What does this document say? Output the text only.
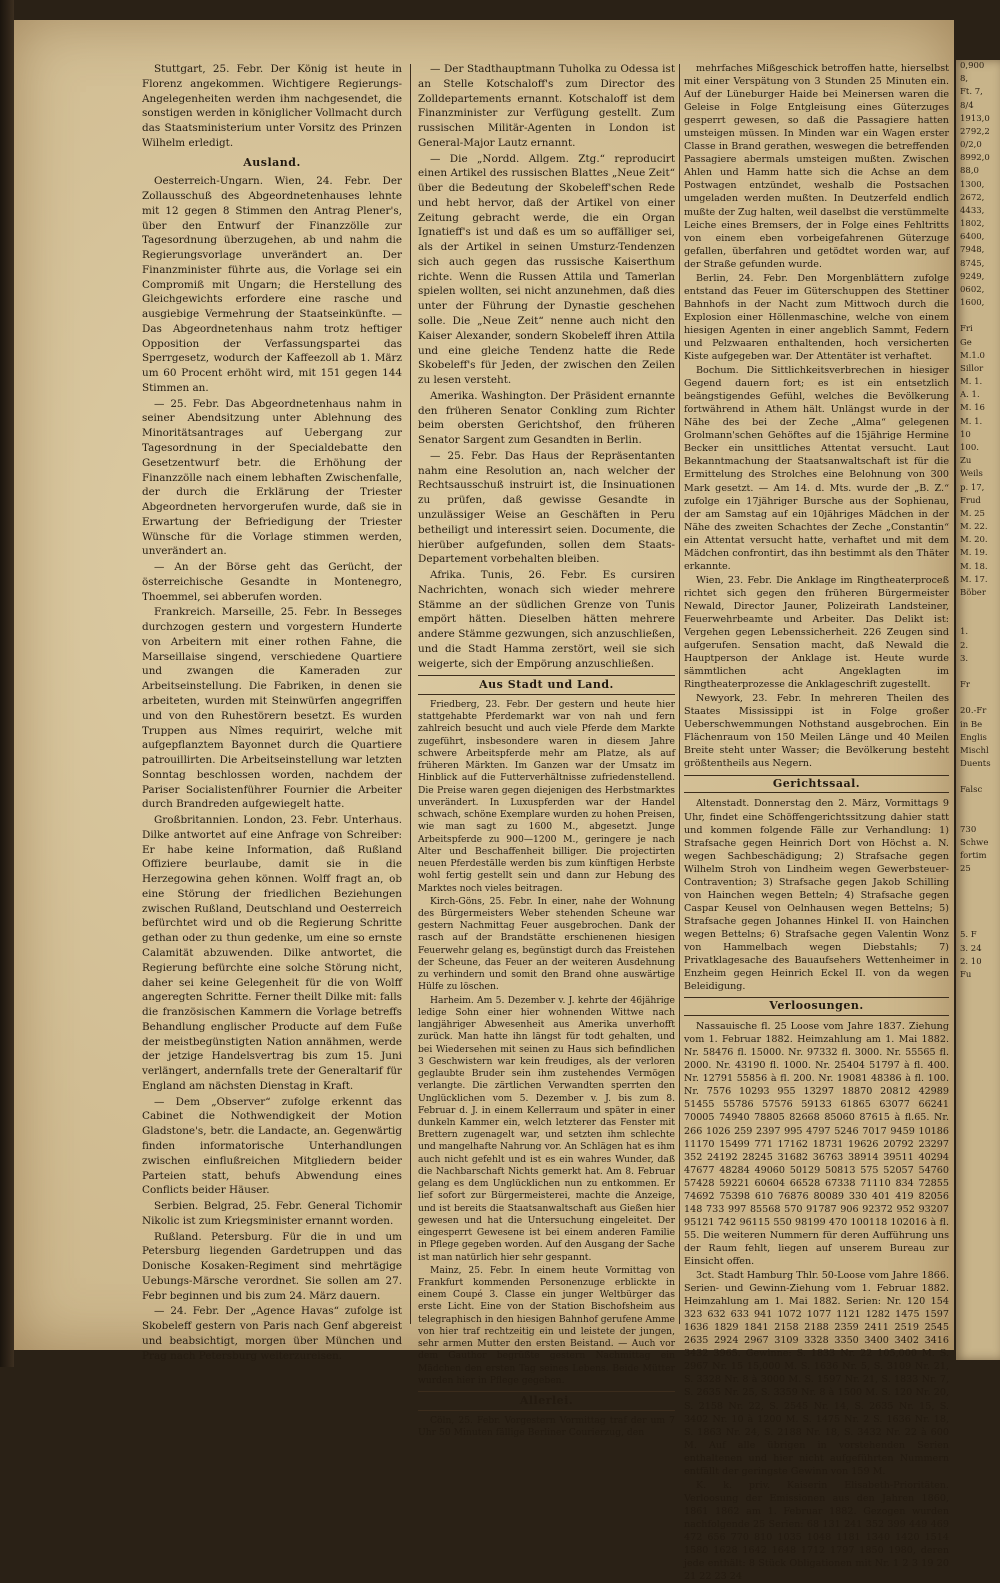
Stuttgart, 25. Febr. Der König ist heute in Florenz angekommen. Wichtigere Regierungs-Angelegenheiten werden ihm nachgesendet, die sonstigen werden in königlicher Vollmacht durch das Staatsministerium unter Vorsitz des Prinzen Wilhelm erledigt.

Ausland.

Oesterreich-Ungarn. Wien, 24. Febr. Der Zollausschuß des Abgeordnetenhauses lehnte mit 12 gegen 8 Stimmen den Antrag Plener's, über den Entwurf der Finanzzölle zur Tagesordnung überzugehen, ab und nahm die Regierungsvorlage unverändert an. Der Finanzminister führte aus, die Vorlage sei ein Compromiß mit Ungarn; die Herstellung des Gleichgewichts erfordere eine rasche und ausgiebige Vermehrung der Staatseinkünfte. — Das Abgeordnetenhaus nahm trotz heftiger Opposition der Verfassungspartei das Sperrgesetz, wodurch der Kaffeezoll ab 1. März um 60 Procent erhöht wird, mit 151 gegen 144 Stimmen an.

— 25. Febr. Das Abgeordnetenhaus nahm in seiner Abendsitzung unter Ablehnung des Minoritätsantrages auf Uebergang zur Tagesordnung in der Specialdebatte den Gesetzentwurf betr. die Erhöhung der Finanzzölle nach einem lebhaften Zwischenfalle, der durch die Erklärung der Triester Abgeordneten hervorgerufen wurde, daß sie in Erwartung der Befriedigung der Triester Wünsche für die Vorlage stimmen werden, unverändert an.

— An der Börse geht das Gerücht, der österreichische Gesandte in Montenegro, Thoemmel, sei abberufen worden.

Frankreich. Marseille, 25. Febr. In Besseges durchzogen gestern und vorgestern Hunderte von Arbeitern mit einer rothen Fahne, die Marseillaise singend, verschiedene Quartiere und zwangen die Kameraden zur Arbeitseinstellung. Die Fabriken, in denen sie arbeiteten, wurden mit Steinwürfen angegriffen und von den Ruhestörern besetzt. Es wurden Truppen aus Nîmes requirirt, welche mit aufgepflanztem Bayonnet durch die Quartiere patrouillirten. Die Arbeitseinstellung war letzten Sonntag beschlossen worden, nachdem der Pariser Socialistenführer Fournier die Arbeiter durch Brandreden aufgewiegelt hatte.

Großbritannien. London, 23. Febr. Unterhaus. Dilke antwortet auf eine Anfrage von Schreiber: Er habe keine Information, daß Rußland Offiziere beurlaube, damit sie in die Herzegowina gehen können. Wolff fragt an, ob eine Störung der friedlichen Beziehungen zwischen Rußland, Deutschland und Oesterreich befürchtet wird und ob die Regierung Schritte gethan oder zu thun gedenke, um eine so ernste Calamität abzuwenden. Dilke antwortet, die Regierung befürchte eine solche Störung nicht, daher sei keine Gelegenheit für die von Wolff angeregten Schritte. Ferner theilt Dilke mit: falls die französischen Kammern die Vorlage betreffs Behandlung englischer Producte auf dem Fuße der meistbegünstigten Nation annähmen, werde der jetzige Handelsvertrag bis zum 15. Juni verlängert, andernfalls trete der Generaltarif für England am nächsten Dienstag in Kraft.

— Dem „Observer“ zufolge erkennt das Cabinet die Nothwendigkeit der Motion Gladstone's, betr. die Landacte, an. Gegenwärtig finden informatorische Unterhandlungen zwischen einflußreichen Mitgliedern beider Parteien statt, behufs Abwendung eines Conflicts beider Häuser.

Serbien. Belgrad, 25. Febr. General Tichomir Nikolic ist zum Kriegsminister ernannt worden.

Rußland. Petersburg. Für die in und um Petersburg liegenden Gardetruppen und das Donische Kosaken-Regiment sind mehrtägige Uebungs-Märsche verordnet. Sie sollen am 27. Febr beginnen und bis zum 24. März dauern.

— 24. Febr. Der „Agence Havas“ zufolge ist Skobeleff gestern von Paris nach Genf abgereist und beabsichtigt, morgen über München und Prag nach Petersburg weiterzureisen.

— Der Stadthauptmann Tuholka zu Odessa ist an Stelle Kotschaloff's zum Director des Zolldepartements ernannt. Kotschaloff ist dem Finanzminister zur Verfügung gestellt. Zum russischen Militär-Agenten in London ist General-Major Lautz ernannt.

— Die „Nordd. Allgem. Ztg.“ reproducirt einen Artikel des russischen Blattes „Neue Zeit“ über die Bedeutung der Skobeleff'schen Rede und hebt hervor, daß der Artikel von einer Zeitung gebracht werde, die ein Organ Ignatieff's ist und daß es um so auffälliger sei, als der Artikel in seinen Umsturz-Tendenzen sich auch gegen das russische Kaiserthum richte. Wenn die Russen Attila und Tamerlan spielen wollten, sei nicht anzunehmen, daß dies unter der Führung der Dynastie geschehen solle. Die „Neue Zeit“ nenne auch nicht den Kaiser Alexander, sondern Skobeleff ihren Attila und eine gleiche Tendenz hatte die Rede Skobeleff's für Jeden, der zwischen den Zeilen zu lesen versteht.

Amerika. Washington. Der Präsident ernannte den früheren Senator Conkling zum Richter beim obersten Gerichtshof, den früheren Senator Sargent zum Gesandten in Berlin.

— 25. Febr. Das Haus der Repräsentanten nahm eine Resolution an, nach welcher der Rechtsausschuß instruirt ist, die Insinuationen zu prüfen, daß gewisse Gesandte in unzulässiger Weise an Geschäften in Peru betheiligt und interessirt seien. Documente, die hierüber aufgefunden, sollen dem Staats-Departement vorbehalten bleiben.

Afrika. Tunis, 26. Febr. Es cursiren Nachrichten, wonach sich wieder mehrere Stämme an der südlichen Grenze von Tunis empört hätten. Dieselben hätten mehrere andere Stämme gezwungen, sich anzuschließen, und die Stadt Hamma zerstört, weil sie sich weigerte, sich der Empörung anzuschließen.

Aus Stadt und Land.

Friedberg, 23. Febr. Der gestern und heute hier stattgehabte Pferdemarkt war von nah und fern zahlreich besucht und auch viele Pferde dem Markte zugeführt, insbesondere waren in diesem Jahre schwere Arbeitspferde mehr am Platze, als auf früheren Märkten. Im Ganzen war der Umsatz im Hinblick auf die Futterverhältnisse zufriedenstellend. Die Preise waren gegen diejenigen des Herbstmarktes unverändert. In Luxuspferden war der Handel schwach, schöne Exemplare wurden zu hohen Preisen, wie man sagt zu 1600 M., abgesetzt. Junge Arbeitspferde zu 900—1200 M., geringere je nach Alter und Beschaffenheit billiger. Die projectirten neuen Pferdeställe werden bis zum künftigen Herbste wohl fertig gestellt sein und dann zur Hebung des Marktes noch vieles beitragen.

Kirch-Göns, 25. Febr. In einer, nahe der Wohnung des Bürgermeisters Weber stehenden Scheune war gestern Nachmittag Feuer ausgebrochen. Dank der rasch auf der Brandstätte erschienenen hiesigen Feuerwehr gelang es, begünstigt durch das Freistehen der Scheune, das Feuer an der weiteren Ausdehnung zu verhindern und somit den Brand ohne auswärtige Hülfe zu löschen.

Harheim. Am 5. Dezember v. J. kehrte der 46jährige ledige Sohn einer hier wohnenden Wittwe nach langjähriger Abwesenheit aus Amerika unverhofft zurück. Man hatte ihn längst für todt gehalten, und bei Wiedersehen mit seinen zu Haus sich befindlichen 3 Geschwistern war kein freudiges, als der verloren geglaubte Bruder sein ihm zustehendes Vermögen verlangte. Die zärtlichen Verwandten sperrten den Unglücklichen vom 5. Dezember v. J. bis zum 8. Februar d. J. in einem Kellerraum und später in einer dunkeln Kammer ein, welch letzterer das Fenster mit Brettern zugenagelt war, und setzten ihm schlechte und mangelhafte Nahrung vor. An Schlägen hat es ihm auch nicht gefehlt und ist es ein wahres Wunder, daß die Nachbarschaft Nichts gemerkt hat. Am 8. Februar gelang es dem Unglücklichen nun zu entkommen. Er lief sofort zur Bürgermeisterei, machte die Anzeige, und ist bereits die Staatsanwaltschaft aus Gießen hier gewesen und hat die Untersuchung eingeleitet. Der eingesperrt Gewesene ist bei einem anderen Familie in Pflege gegeben worden. Auf den Ausgang der Sache ist man natürlich hier sehr gespannt.

Mainz, 25. Febr. In einem heute Vormittag von Frankfurt kommenden Personenzuge erblickte in einem Coupé 3. Classe ein junger Weltbürger das erste Licht. Eine von der Station Bischofsheim aus telegraphisch in den hiesigen Bahnhof gerufene Amme von hier traf rechtzeitig ein und leistete der jungen, sehr armen Mutter den ersten Beistand. — Auch vor dem Gauthor begrüßte gestern Nachmittag ein Mädchen den ersten Tag seines Lebens. Beide Mütter wurden hier in Pflege gegeben.

Allerlei.

Cöln, 25. Febr. Vorgestern Vormittag traf der um 7 Uhr 50 Minuten fällige Berliner Courierzug, den

mehrfaches Mißgeschick betroffen hatte, hierselbst mit einer Verspätung von 3 Stunden 25 Minuten ein. Auf der Lüneburger Haide bei Meinersen waren die Geleise in Folge Entgleisung eines Güterzuges gesperrt gewesen, so daß die Passagiere hatten umsteigen müssen. In Minden war ein Wagen erster Classe in Brand gerathen, weswegen die betreffenden Passagiere abermals umsteigen mußten. Zwischen Ahlen und Hamm hatte sich die Achse an dem Postwagen entzündet, weshalb die Postsachen umgeladen werden mußten. In Deutzerfeld endlich mußte der Zug halten, weil daselbst die verstümmelte Leiche eines Bremsers, der in Folge eines Fehltritts von einem eben vorbeigefahrenen Güterzuge gefallen, überfahren und getödtet worden war, auf der Straße gefunden wurde.

Berlin, 24. Febr. Den Morgenblättern zufolge entstand das Feuer im Güterschuppen des Stettiner Bahnhofs in der Nacht zum Mittwoch durch die Explosion einer Höllenmaschine, welche von einem hiesigen Agenten in einer angeblich Sammt, Federn und Pelzwaaren enthaltenden, hoch versicherten Kiste aufgegeben war. Der Attentäter ist verhaftet.

Bochum. Die Sittlichkeitsverbrechen in hiesiger Gegend dauern fort; es ist ein entsetzlich beängstigendes Gefühl, welches die Bevölkerung fortwährend in Athem hält. Unlängst wurde in der Nähe des bei der Zeche „Alma“ gelegenen Grolmann'schen Gehöftes auf die 15jährige Hermine Becker ein unsittliches Attentat versucht. Laut Bekanntmachung der Staatsanwaltschaft ist für die Ermittelung des Strolches eine Belohnung von 300 Mark gesetzt. — Am 14. d. Mts. wurde der „B. Z.“ zufolge ein 17jähriger Bursche aus der Sophienau, der am Samstag auf ein 10jähriges Mädchen in der Nähe des zweiten Schachtes der Zeche „Constantin“ ein Attentat versucht hatte, verhaftet und mit dem Mädchen confrontirt, das ihn bestimmt als den Thäter erkannte.

Wien, 23. Febr. Die Anklage im Ringtheaterproceß richtet sich gegen den früheren Bürgermeister Newald, Director Jauner, Polizeirath Landsteiner, Feuerwehrbeamte und Arbeiter. Das Delikt ist: Vergehen gegen Lebenssicherheit. 226 Zeugen sind aufgerufen. Sensation macht, daß Newald die Hauptperson der Anklage ist. Heute wurde sämmtlichen acht Angeklagten im Ringtheaterprozesse die Anklageschrift zugestellt.

Newyork, 23. Febr. In mehreren Theilen des Staates Mississippi ist in Folge großer Ueberschwemmungen Nothstand ausgebrochen. Ein Flächenraum von 150 Meilen Länge und 40 Meilen Breite steht unter Wasser; die Bevölkerung besteht größtentheils aus Negern.

Gerichtssaal.

Altenstadt. Donnerstag den 2. März, Vormittags 9 Uhr, findet eine Schöffengerichtssitzung dahier statt und kommen folgende Fälle zur Verhandlung: 1) Strafsache gegen Heinrich Dort von Höchst a. N. wegen Sachbeschädigung; 2) Strafsache gegen Wilhelm Stroh von Lindheim wegen Gewerbsteuer-Contravention; 3) Strafsache gegen Jakob Schilling von Hainchen wegen Betteln; 4) Strafsache gegen Caspar Keusel von Oelnhausen wegen Bettelns; 5) Strafsache gegen Johannes Hinkel II. von Hainchen wegen Bettelns; 6) Strafsache gegen Valentin Wonz von Hammelbach wegen Diebstahls; 7) Privatklagesache des Bauaufsehers Wettenheimer in Enzheim gegen Heinrich Eckel II. von da wegen Beleidigung.

Verloosungen.

Nassauische fl. 25 Loose vom Jahre 1837. Ziehung vom 1. Februar 1882. Heimzahlung am 1. Mai 1882. Nr. 58476 fl. 15000. Nr. 97332 fl. 3000. Nr. 55565 fl. 2000. Nr. 43190 fl. 1000. Nr. 25404 51797 à fl. 400. Nr. 12791 55856 à fl. 200. Nr. 19081 48386 à fl. 100. Nr. 7576 10293 955 13297 18870 20812 42989 51455 55786 57576 59133 61865 63077 66241 70005 74940 78805 82668 85060 87615 à fl.65. Nr. 266 1026 259 2397 995 4797 5246 7017 9459 10186 11170 15499 771 17162 18731 19626 20792 23297 352 24192 28245 31682 36763 38914 39511 40294 47677 48284 49060 50129 50813 575 52057 54760 57428 59221 60604 66528 67338 71110 834 72855 74692 75398 610 76876 80089 330 401 419 82056 148 733 997 85568 570 91787 906 92372 952 93207 95121 742 96115 550 98199 470 100118 102016 à fl. 55. Die weiteren Nummern für deren Aufführung uns der Raum fehlt, liegen auf unserem Bureau zur Einsicht offen.

3ct. Stadt Hamburg Thlr. 50-Loose vom Jahre 1866. Serien- und Gewinn-Ziehung vom 1. Februar 1882. Heimzahlung am 1. Mai 1882. Serien: Nr. 120 154 323 632 633 941 1072 1077 1121 1282 1475 1597 1636 1829 1841 2158 2188 2359 2411 2519 2545 2635 2924 2967 3109 3328 3350 3400 3402 3416 3432 3965. Gewinne: S. 1833 Nr. 22 105,000 M. S. 2967 Nr. 15 15,000 M. S. 1636 Nr. 5, S. 3109 Nr. 21, S. 3328 Nr. 8 à 3000 M. S. 1597 Nr. 21, S. 1833 Nr. 7, S. 2635 Nr. 25, S. 3359 Nr. 8 à 1500 M. S. 120 Nr. 20, S. 2158 Nr. 22, S. 2545 Nr. 14, S. 2635 Nr. 15, S. 3402 Nr. 10 à 1200 M. S. 1475 Nr. 2 S. 1636 Nr. 18, S. 1863 Nr. 24, S. 2188 Nr. 18, S. 3432 Nr. 22 à 600 M. Auf alle übrigen in vorstehenden Serien enthaltenen und hier nicht aufgeführten Nummern entfällt der geringste Gewinn von 159 M.

K. k. priv. Kaiserin Elisabeth-Prioritäten. Verloosung der Emissionen aus den Jahren 1860, 1861 1862 am 1. Februar 1882. Gezogen wurden nachfolgende 25 Serien: 68 131 241 352 399 449 469 472 656 770 810 1035 1048 1181 1340 1420 1514 1580 1628 1642 1648 1712 1797 1850 1980, deren jede enthält: 8 Stück Obligationen mit Nr. 1 2 3 19 20 21 22 23 24

0,900
8,
Ft. 7,
8/4
1913,0
2792,2
0/2,0
8992,0
88,0
1300,
2672,
4433,
1802,
6400,
7948,
8745,
9249,
0602,
1600,

Fri
Ge
M.1.0
Sillor
M. 1.
A. 1.
M. 16
M. 1.
10
100.
Zu
Weils
p. 17,
Frud
M. 25
M. 22.
M. 20.
M. 19.
M. 18.
M. 17.
Böber

1.
2.
3.

Fr

20.-Fr
in Be
Englis
Mischl
Duents

Falsc

730
Schwe
fortim
25

5. F
3. 24
2. 10
Fu
